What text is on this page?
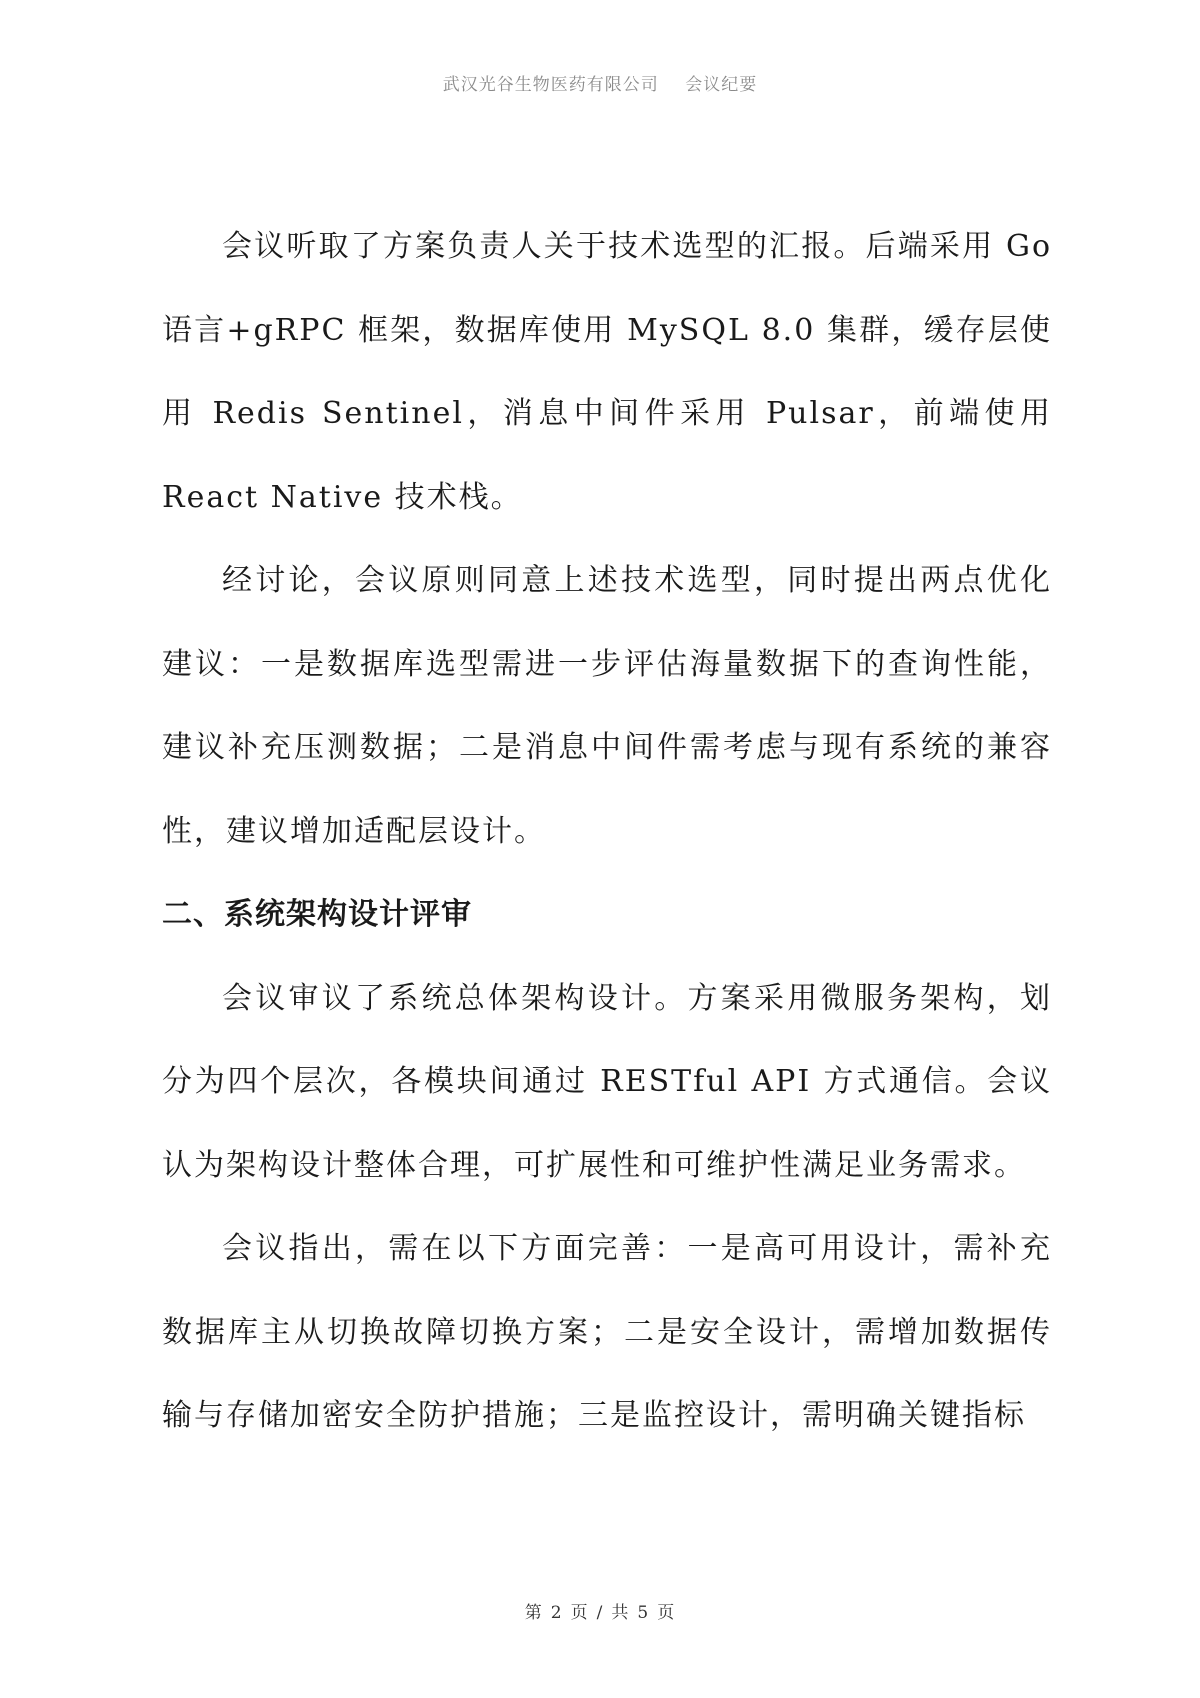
武汉光谷生物医药有限公司 会议纪要

会议听取了方案负责人关于技术选型的汇报。后端采用 Go 语言+gRPC 框架，数据库使用 MySQL 8.0 集群，缓存层使用 Redis Sentinel，消息中间件采用 Pulsar，前端使用 React Native 技术栈。

经讨论，会议原则同意上述技术选型，同时提出两点优化建议：一是数据库选型需进一步评估海量数据下的查询性能，建议补充压测数据；二是消息中间件需考虑与现有系统的兼容性，建议增加适配层设计。

二、系统架构设计评审

会议审议了系统总体架构设计。方案采用微服务架构，划分为四个层次，各模块间通过 RESTful API 方式通信。会议认为架构设计整体合理，可扩展性和可维护性满足业务需求。

会议指出，需在以下方面完善：一是高可用设计，需补充数据库主从切换故障切换方案；二是安全设计，需增加数据传输与存储加密安全防护措施；三是监控设计，需明确关键指标

第 2 页 / 共 5 页
